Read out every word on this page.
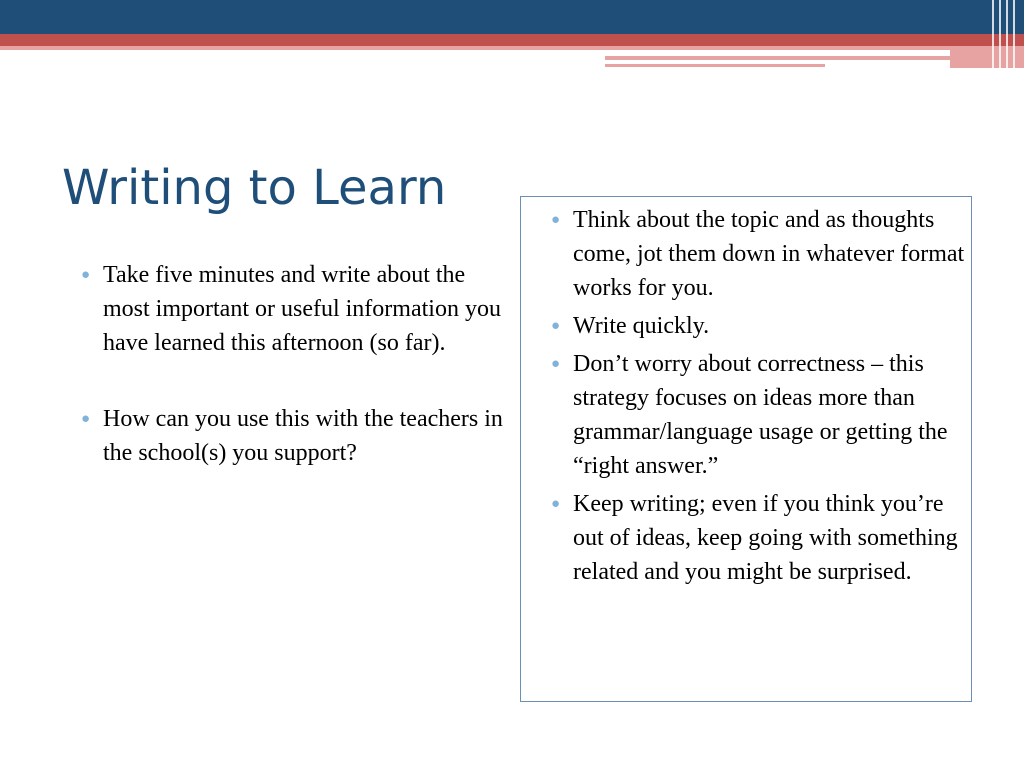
Writing to Learn
● Take five minutes and write about the most important or useful information you have learned this afternoon (so far).
● How can you use this with the teachers in the school(s) you support?
● Think about the topic and as thoughts come, jot them down in whatever format works for you.
● Write quickly.
● Don’t worry about correctness – this strategy focuses on ideas more than grammar/language usage or getting the “right answer.”
● Keep writing; even if you think you’re out of ideas, keep going with something related and you might be surprised.
